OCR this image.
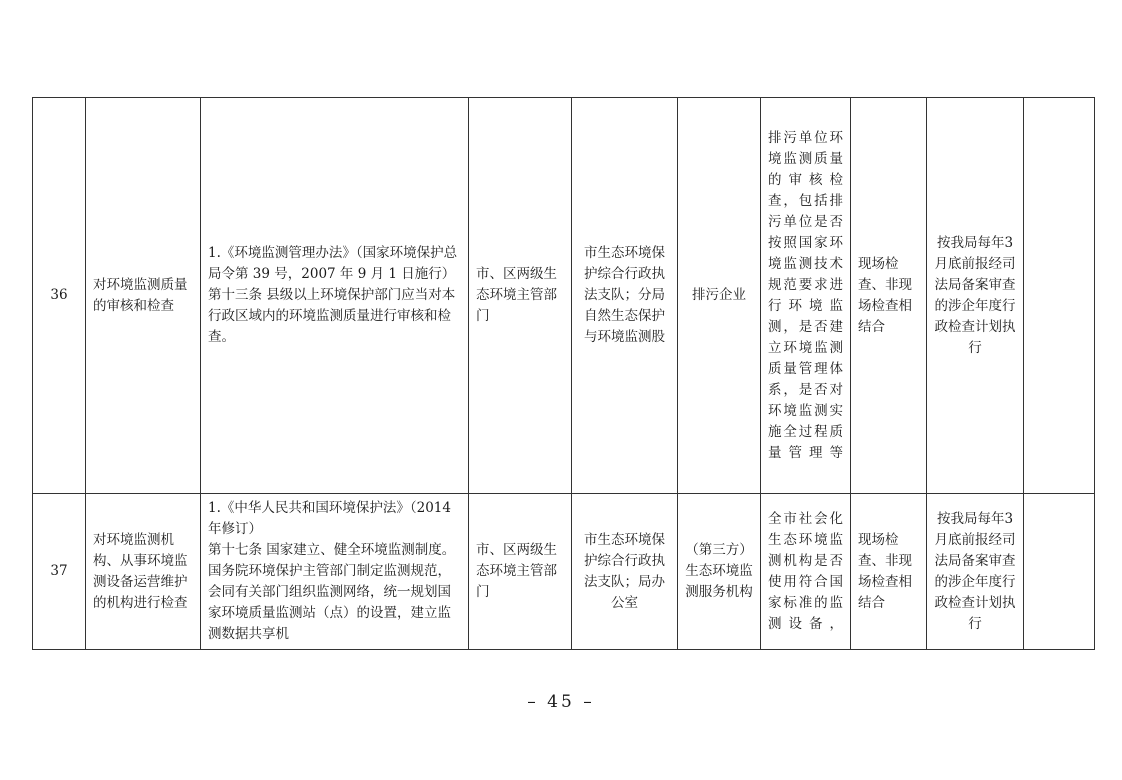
36	对环境监测质量的审核和检查	1.《环境监测管理办法》（国家环境保护总局令第 39 号，2007 年 9 月 1 日施行）
第十三条 县级以上环境保护部门应当对本行政区域内的环境监测质量进行审核和检查。	市、区两级生态环境主管部门	市生态环境保护综合行政执法支队；分局自然生态保护与环境监测股	排污企业	排污单位环境监测质量的审核检查，包括排污单位是否按照国家环境监测技术规范要求进行环境监测，是否建立环境监测质量管理体系，是否对环境监测实施全过程质量管理等	现场检查、非现场检查相结合	按我局每年3月底前报经司法局备案审查的涉企年度行政检查计划执行	
37	对环境监测机构、从事环境监测设备运营维护的机构进行检查	1.《中华人民共和国环境保护法》（2014 年修订）
第十七条 国家建立、健全环境监测制度。国务院环境保护主管部门制定监测规范，会同有关部门组织监测网络，统一规划国家环境质量监测站（点）的设置，建立监测数据共享机	市、区两级生态环境主管部门	市生态环境保护综合行政执法支队；局办公室	（第三方）生态环境监测服务机构	全市社会化生态环境监测机构是否使用符合国家标准的监测设备，	现场检查、非现场检查相结合	按我局每年3月底前报经司法局备案审查的涉企年度行政检查计划执行	
– 45 –
